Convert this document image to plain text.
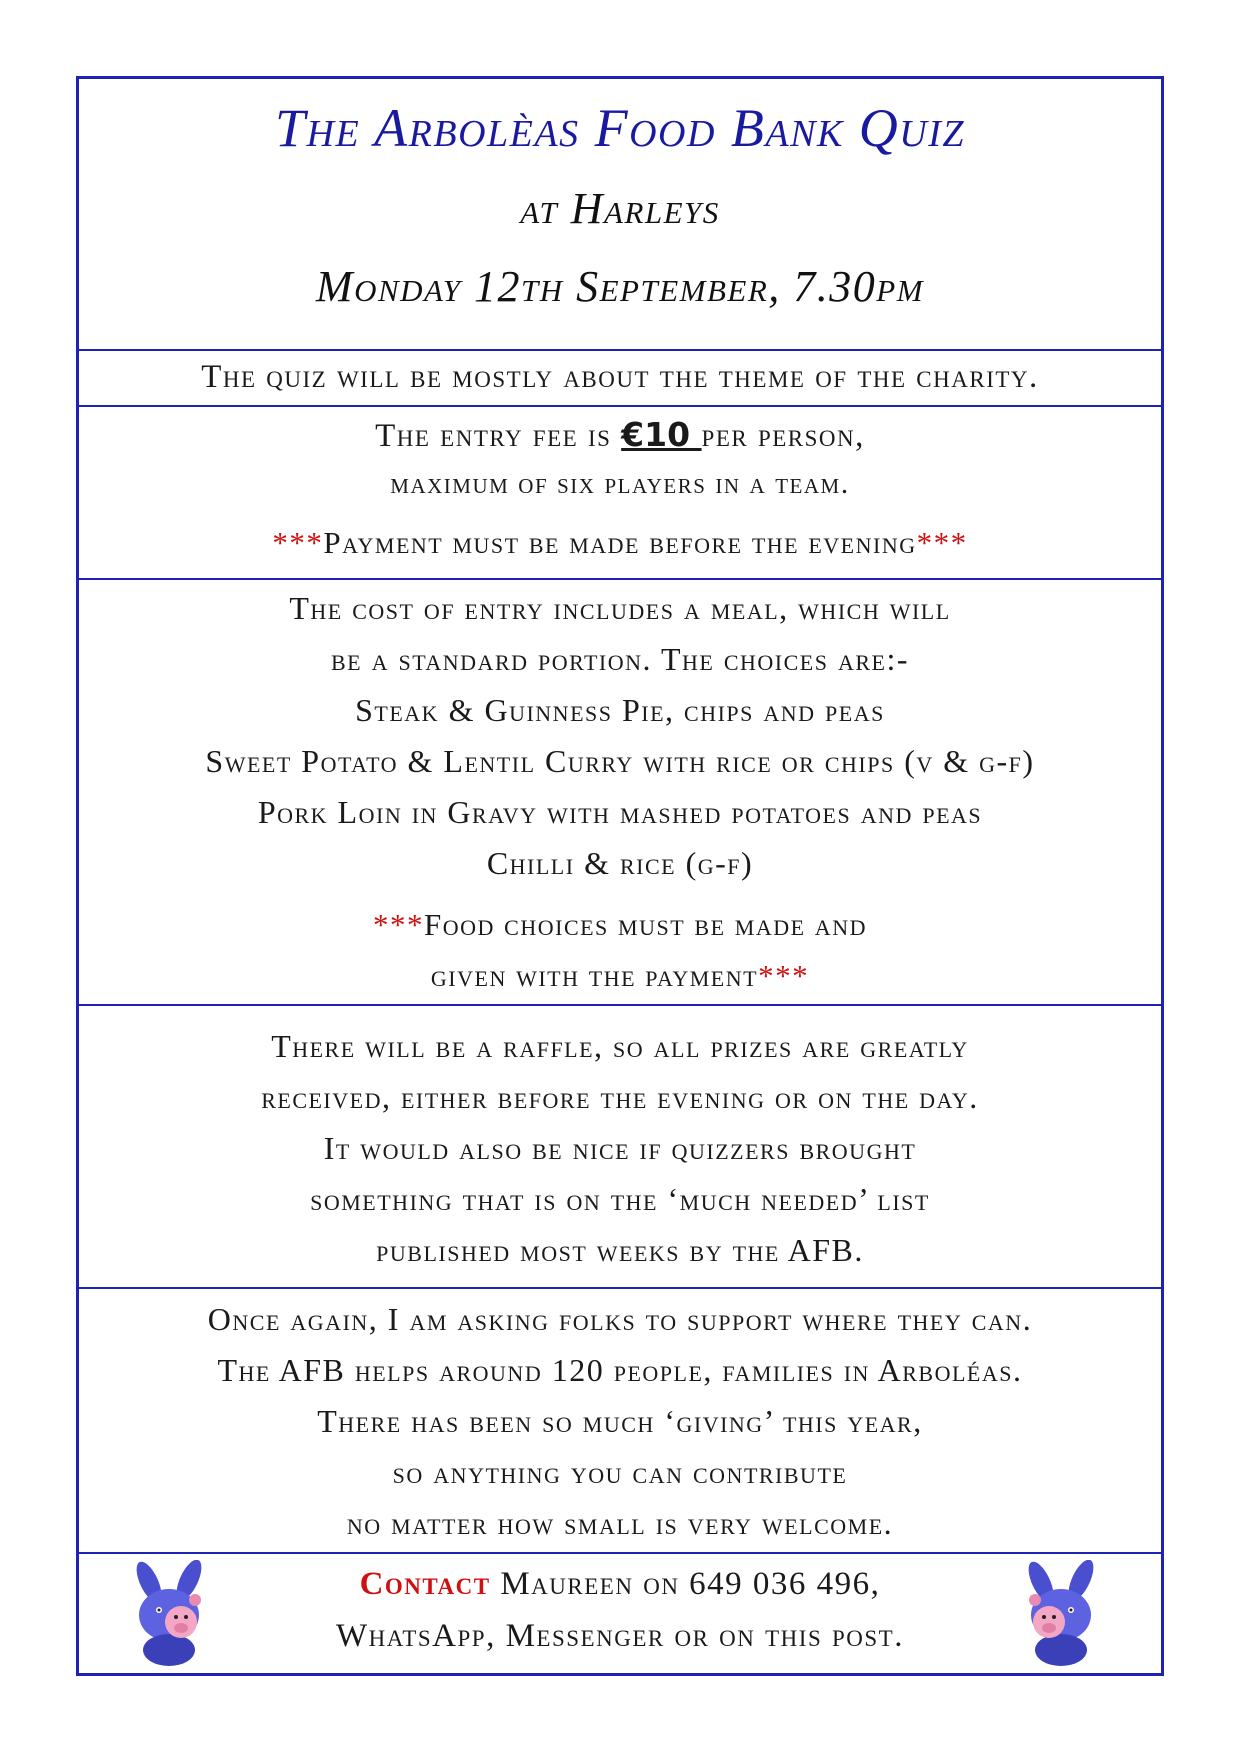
The Arbolèas Food Bank Quiz
at Harleys
Monday 12th September, 7.30pm
The quiz will be mostly about the theme of the charity.
The entry fee is €10 per person,
maximum of six players in a team.
***Payment must be made before the evening***
The cost of entry includes a meal, which will
be a standard portion. The choices are:-
Steak & Guinness Pie, chips and peas
Sweet Potato & Lentil Curry with rice or chips (v & g-f)
Pork Loin in Gravy with mashed potatoes and peas
Chilli & rice (g-f)
***Food choices must be made and
given with the payment***
There will be a raffle, so all prizes are greatly
received, either before the evening or on the day.
It would also be nice if quizzers brought
something that is on the ‘much needed’ list
published most weeks by the AFB.
Once again, I am asking folks to support where they can.
The AFB helps around 120 people, families in Arboléas.
There has been so much ‘giving’ this year,
so anything you can contribute
no matter how small is very welcome.
Contact Maureen on 649 036 496,
WhatsApp, Messenger or on this post.
